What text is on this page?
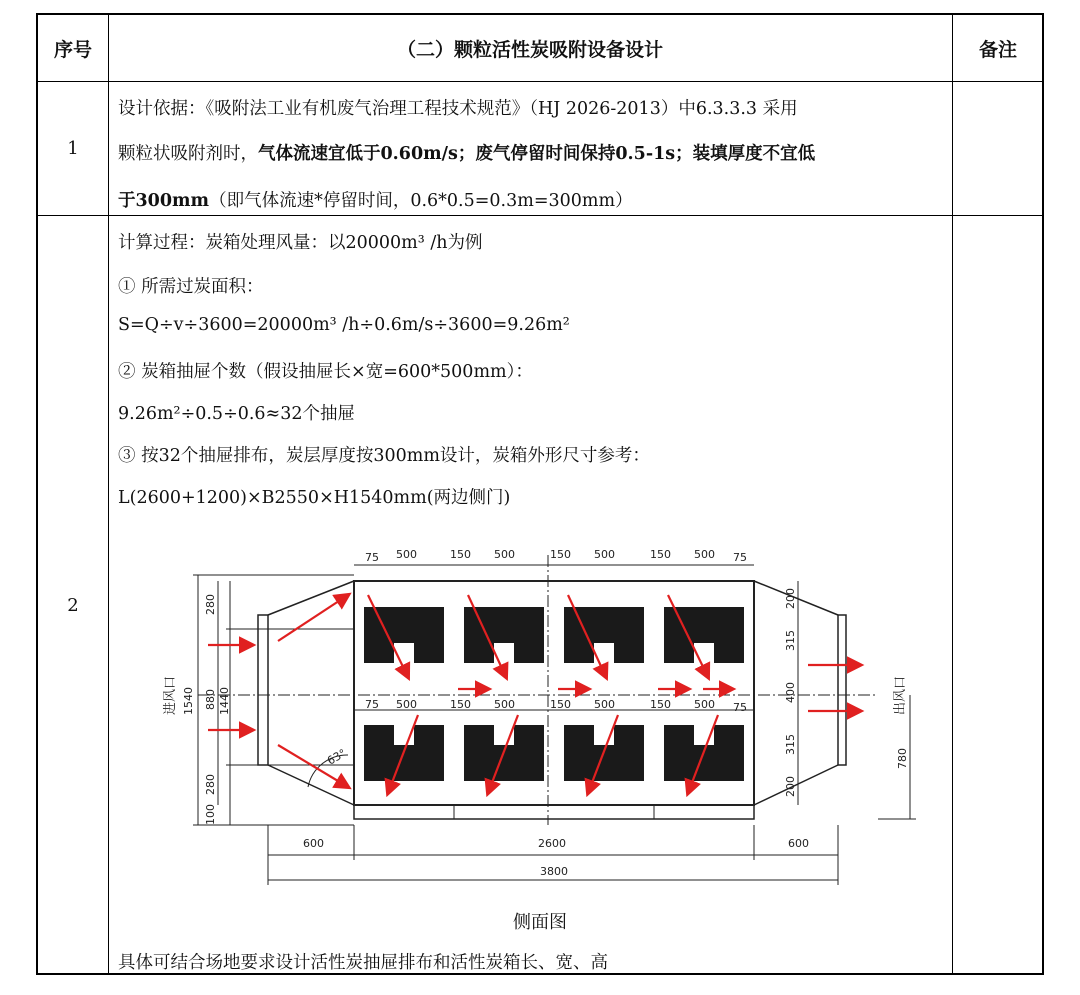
序号	（二）颗粒活性炭吸附设备设计	备注
1
设计依据：《吸附法工业有机废气治理工程技术规范》（HJ 2026-2013）中6.3.3.3 采用
颗粒状吸附剂时，气体流速宜低于0.60m/s；废气停留时间保持0.5-1s；装填厚度不宜低
于300mm（即气体流速*停留时间，0.6*0.5=0.3m=300mm）
2
计算过程：炭箱处理风量：以20000m³ /h为例
① 所需过炭面积：
S=Q÷v÷3600=20000m³ /h÷0.6m/s÷3600=9.26m²
② 炭箱抽屉个数（假设抽屉长×宽=600*500mm）：
9.26m²÷0.5÷0.6≈32个抽屉
③ 按32个抽屉排布，炭层厚度按300mm设计，炭箱外形尺寸参考：
L(2600+1200)×B2550×H1540mm(两边侧门)
75 500	150 500	150 500	150 500 75
75 500	150 500	150 500	150 500 75
63°
600	2600	600
3800
280
880
280
100
1540 1440
200
315
400
315
200
780
进风口	出风口
侧面图
具体可结合场地要求设计活性炭抽屉排布和活性炭箱长、宽、高
